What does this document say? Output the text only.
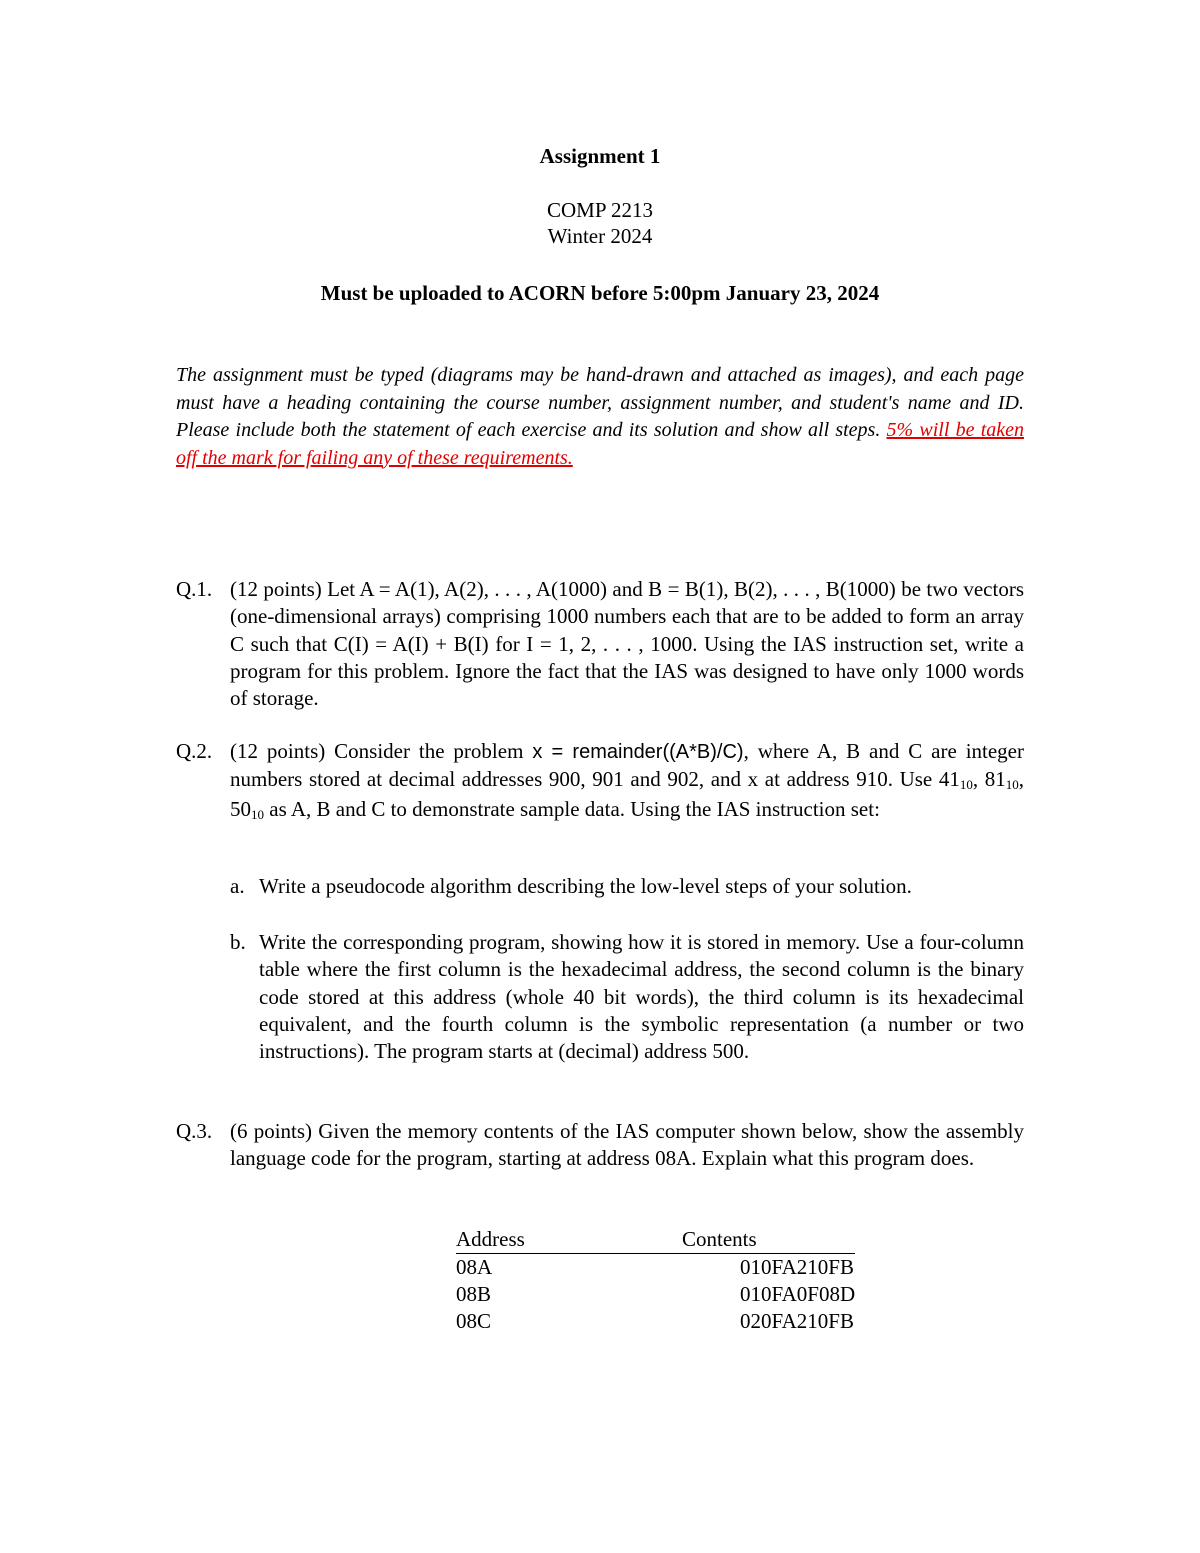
Assignment 1
COMP 2213
Winter 2024
Must be uploaded to ACORN before 5:00pm January 23, 2024
The assignment must be typed (diagrams may be hand-drawn and attached as images), and each page must have a heading containing the course number, assignment number, and student's name and ID. Please include both the statement of each exercise and its solution and show all steps. 5% will be taken off the mark for failing any of these requirements.
Q.1. (12 points) Let A = A(1), A(2), . . . , A(1000) and B = B(1), B(2), . . . , B(1000) be two vectors (one-dimensional arrays) comprising 1000 numbers each that are to be added to form an array C such that C(I) = A(I) + B(I) for I = 1, 2, . . . , 1000. Using the IAS instruction set, write a program for this problem. Ignore the fact that the IAS was designed to have only 1000 words of storage.
Q.2. (12 points) Consider the problem x = remainder((A*B)/C), where A, B and C are integer numbers stored at decimal addresses 900, 901 and 902, and x at address 910. Use $41_{10}$, $81_{10}$, $50_{10}$ as A, B and C to demonstrate sample data. Using the IAS instruction set:
a. Write a pseudocode algorithm describing the low-level steps of your solution.
b. Write the corresponding program, showing how it is stored in memory. Use a four-column table where the first column is the hexadecimal address, the second column is the binary code stored at this address (whole 40 bit words), the third column is its hexadecimal equivalent, and the fourth column is the symbolic representation (a number or two instructions). The program starts at (decimal) address 500.
Q.3. (6 points) Given the memory contents of the IAS computer shown below, show the assembly language code for the program, starting at address 08A. Explain what this program does.
Address	Contents
08A	010FA210FB
08B	010FA0F08D
08C	020FA210FB
